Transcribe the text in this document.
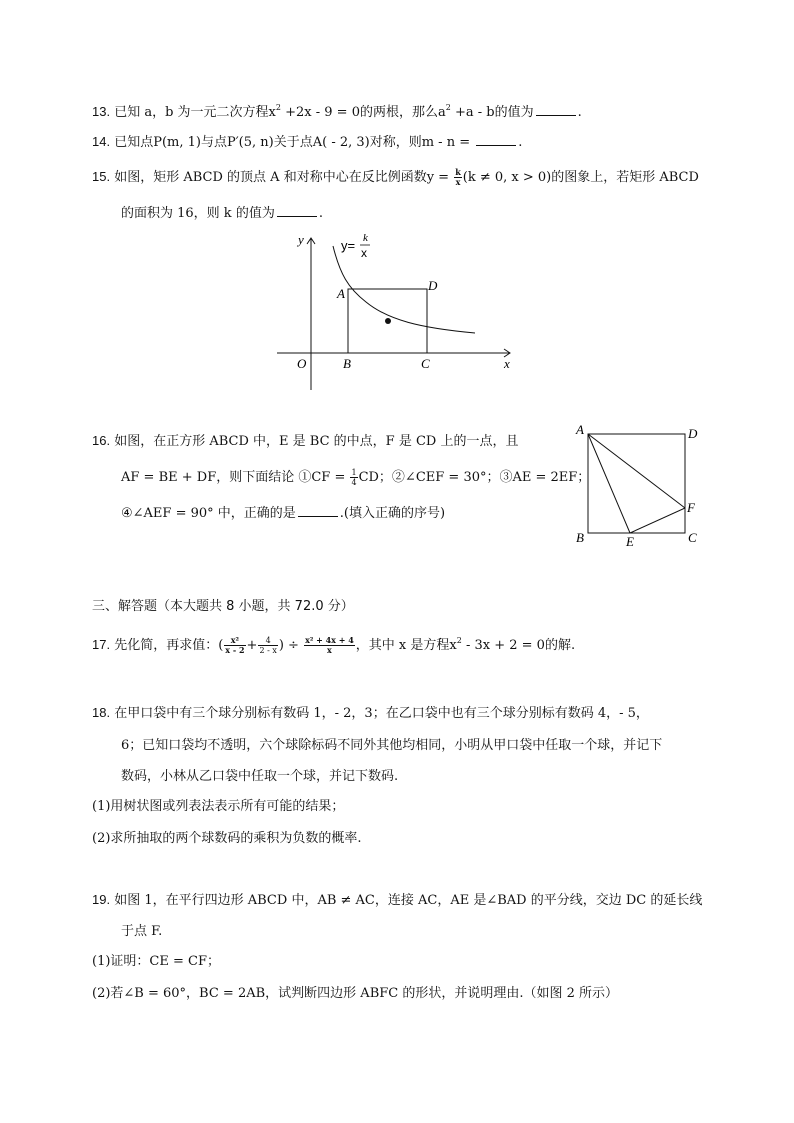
13. 已知 a，b 为一元二次方程$x^2 +2x - 9 = 0$的两根，那么$a^2 +a - b$的值为	.
14. 已知点P(m, 1)与点P′(5, n)关于点A( - 2, 3)对称，则m - n =	.
15. 如图，矩形 ABCD 的顶点 A 和对称中心在反比例函数$y = \frac{k}{x} (k \ne 0$, x > 0)的图象上，若矩形 ABCD
的面积为 16，则 k 的值为	.
y
x
O
A
B	C
D
y= k
x
16. 如图，在正方形 ABCD 中，E 是 BC 的中点，F 是 CD 上的一点，且
AF = BE + DF，则下面结论 ①CF = $\frac{1}{4}$ CD；②∠CEF = 30°；③AE = 2EF；
④∠AEF = 90° 中，正确的是	.(填入正确的序号)
A	D
F
B	E	C
三、解答题（本大题共 8 小题，共 72.0 分）
17. 先化简，再求值：( $\frac{\text{x²}}{x - 2} + \frac{4}{2 - x}$ ) ÷ $\frac{\text{x² + 4x + 4}}{x}$ ，其中 x 是方程$x^2 - 3x + 2 = 0$的解.
18. 在甲口袋中有三个球分别标有数码 1，- 2，3；在乙口袋中也有三个球分别标有数码 4，- 5，
6；已知口袋均不透明，六个球除标码不同外其他均相同，小明从甲口袋中任取一个球，并记下
数码，小林从乙口袋中任取一个球，并记下数码.
(1)用树状图或列表法表示所有可能的结果；
(2)求所抽取的两个球数码的乘积为负数的概率.
19. 如图 1，在平行四边形 ABCD 中，AB ≠ AC，连接 AC，AE 是∠BAD 的平分线，交边 DC 的延长线
于点 F.
(1)证明：CE = CF；
(2)若∠B = 60°，BC = 2AB，试判断四边形 ABFC 的形状，并说明理由.（如图 2 所示）
